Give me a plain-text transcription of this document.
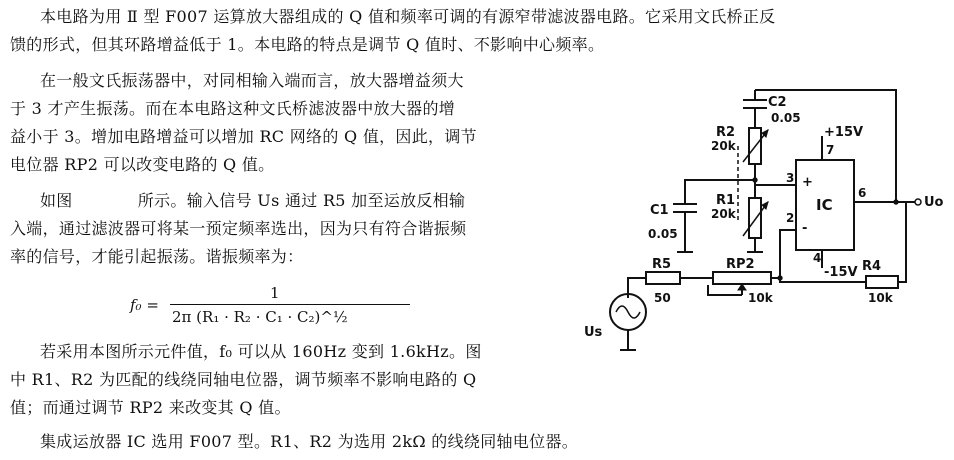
本电路为用 Ⅱ 型 F007 运算放大器组成的 Q 值和频率可调的有源窄带滤波器电路。它采用文氏桥正反

馈的形式，但其环路增益低于 1。本电路的特点是调节 Q 值时、不影响中心频率。

在一般文氏振荡器中，对同相输入端而言，放大器增益须大

于 3 才产生振荡。而在本电路这种文氏桥滤波器中放大器的增

益小于 3。增加电路增益可以增加 RC 网络的 Q 值，因此，调节

电位器 RP2 可以改变电路的 Q 值。

如图　　　　所示。输入信号 Us 通过 R5 加至运放反相输

入端，通过滤波器可将某一预定频率选出，因为只有符合谐振频

率的信号，才能引起振荡。谐振频率为：

f₀ =
1
2π (R₁ · R₂ · C₁ · C₂)^½

若采用本图所示元件值，f₀ 可以从 160Hz 变到 1.6kHz。图

中 R1、R2 为匹配的线绕同轴电位器，调节频率不影响电路的 Q

值；而通过调节 RP2 来改变其 Q 值。

集成运放器 IC 选用 F007 型。R1、R2 为选用 2kΩ 的线绕同轴电位器。

C2
0.05
R2
20k
R1
20k
C1
0.05
IC
+
-
3
2
7
4
6
+15V
-15V
Uo
R5
50
RP2
10k
R4
10k
Us
